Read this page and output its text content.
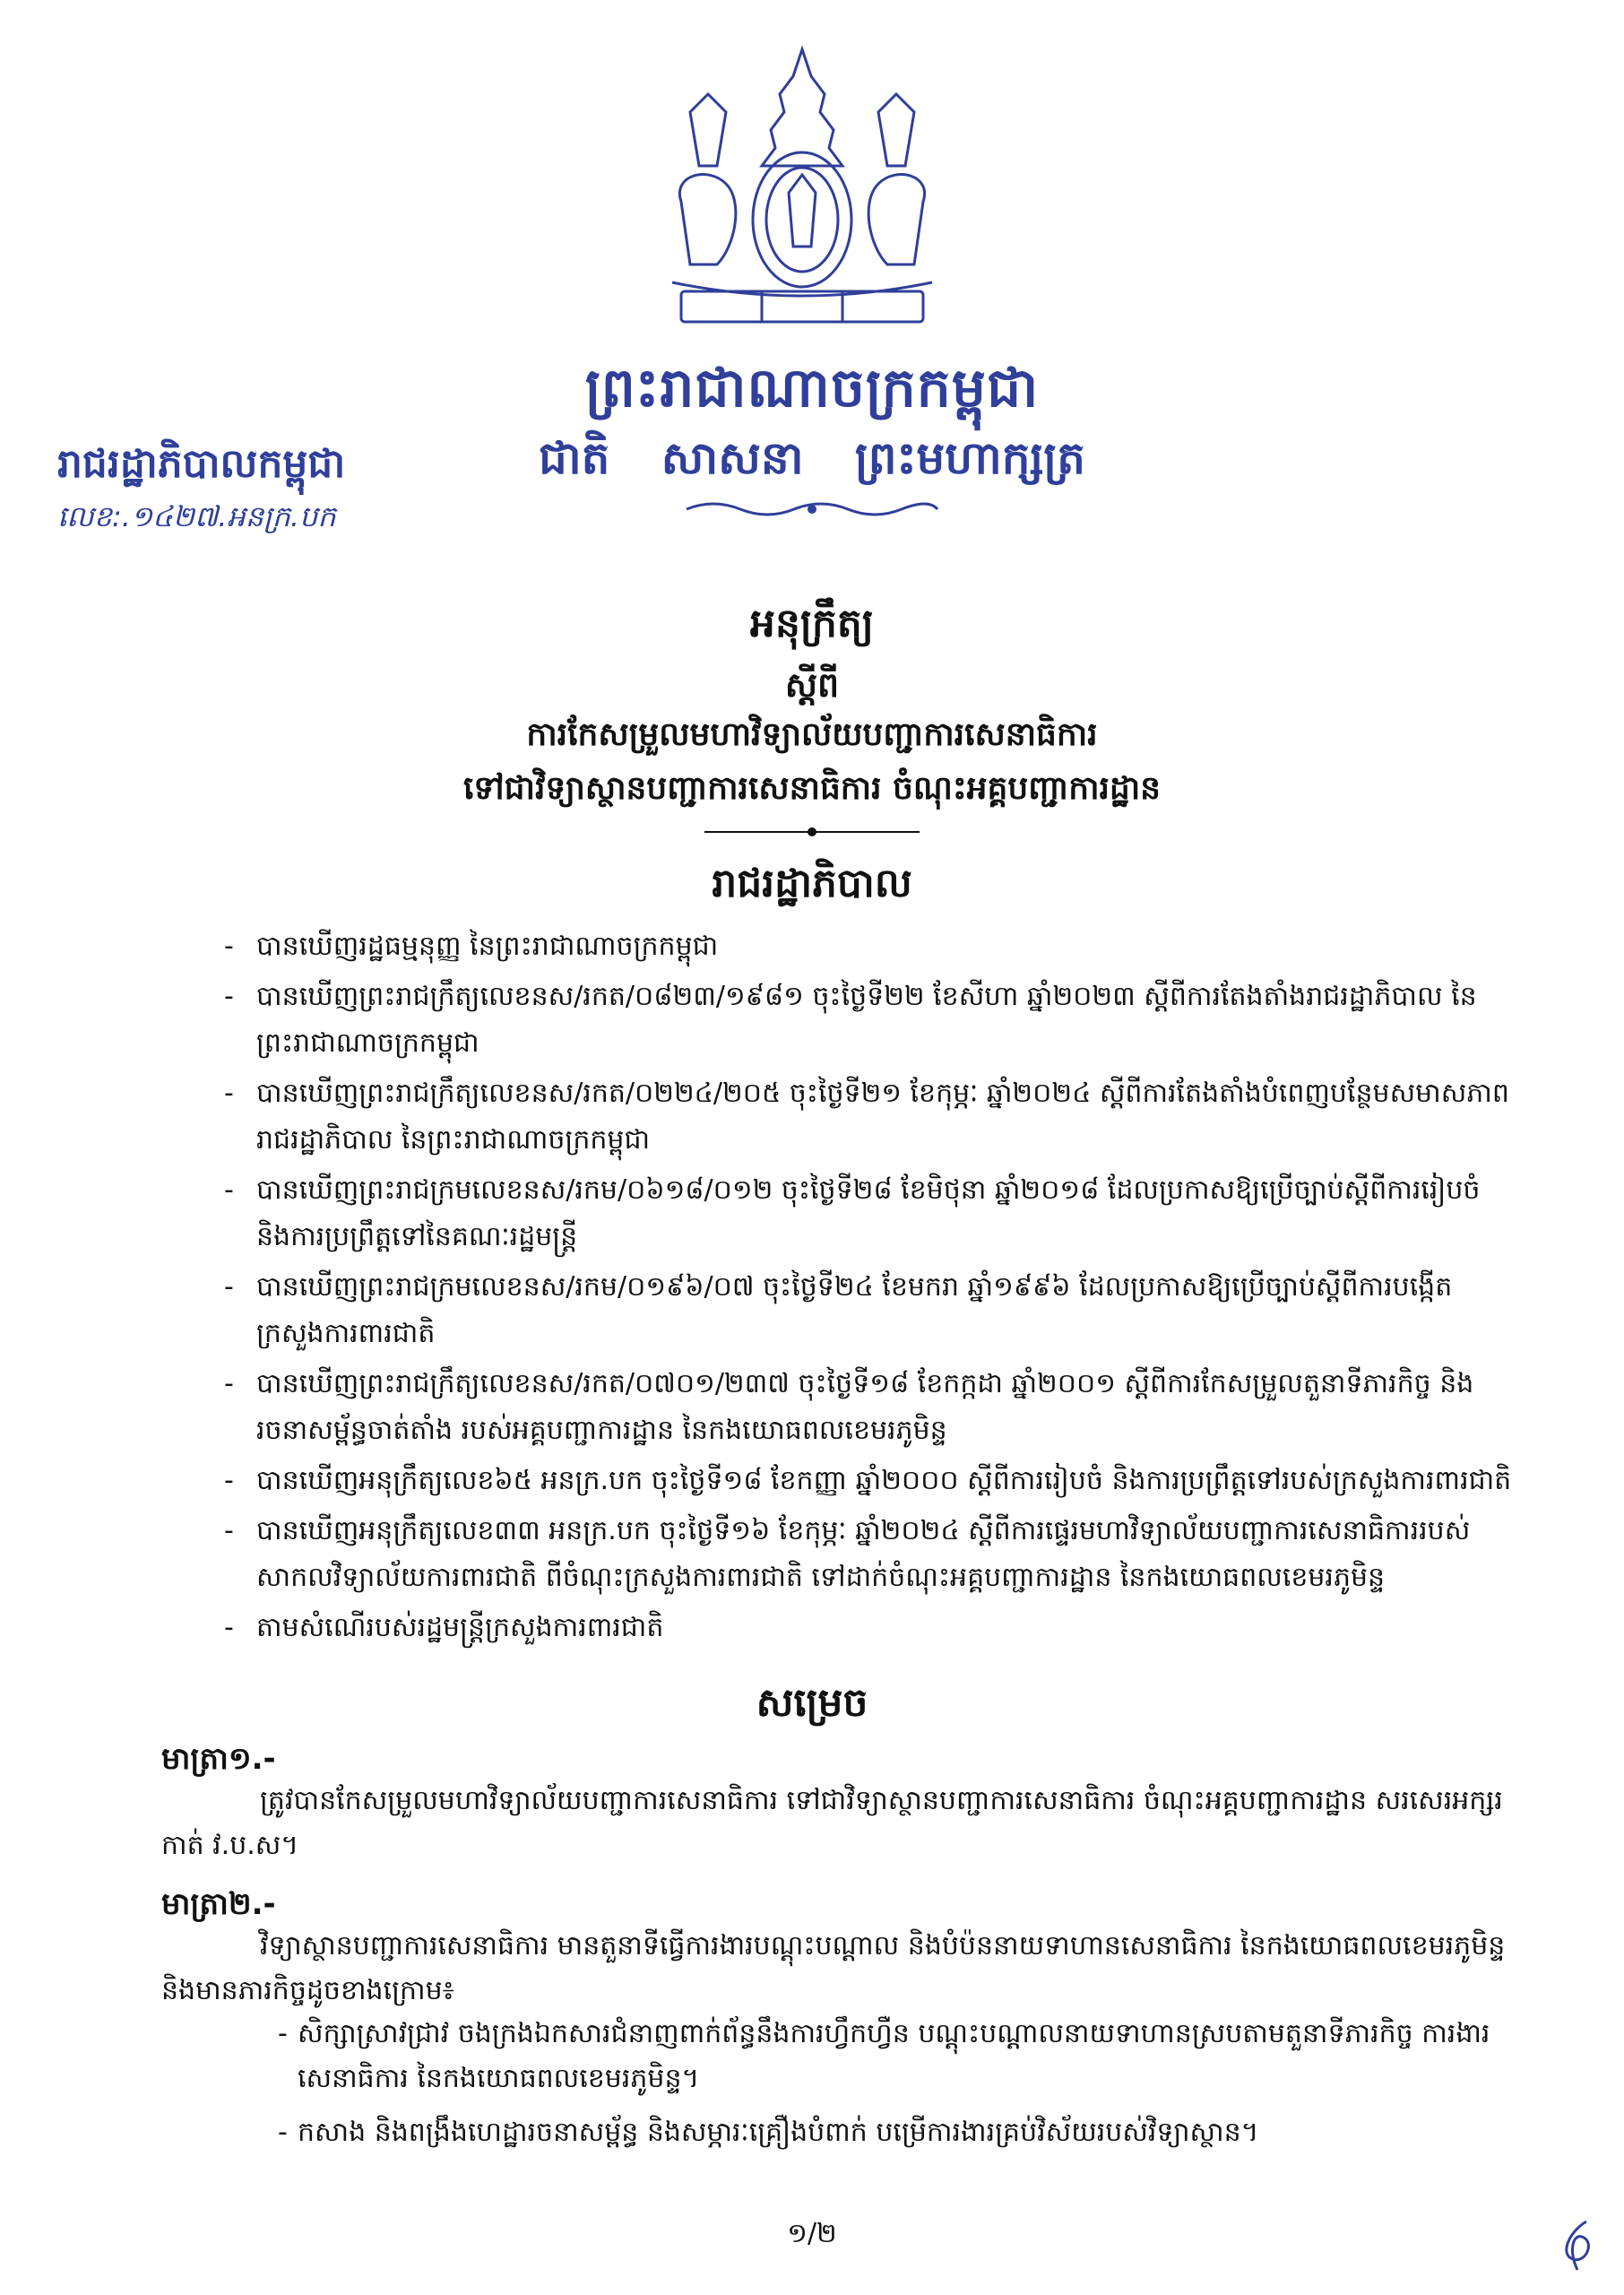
ព្រះរាជាណាចក្រកម្ពុជា
ជាតិ សាសនា ព្រះមហាក្សត្រ
រាជរដ្ឋាភិបាលកម្ពុជា
លេខ:.១៤២៧.អនក្រ.បក
អនុក្រឹត្យ
ស្ដីពី
ការកែសម្រួលមហាវិទ្យាល័យបញ្ជាការសេនាធិការ
ទៅជាវិទ្យាស្ថានបញ្ជាការសេនាធិការ ចំណុះអគ្គបញ្ជាការដ្ឋាន
រាជរដ្ឋាភិបាល
- បានឃើញរដ្ឋធម្មនុញ្ញ នៃព្រះរាជាណាចក្រកម្ពុជា
- បានឃើញព្រះរាជក្រឹត្យលេខនស/រកត/០៨២៣/១៩៨១ ចុះថ្ងៃទី២២ ខែសីហា ឆ្នាំ២០២៣ ស្ដីពីការតែងតាំងរាជរដ្ឋាភិបាល នៃព្រះរាជាណាចក្រកម្ពុជា
- បានឃើញព្រះរាជក្រឹត្យលេខនស/រកត/០២២៤/២០៥ ចុះថ្ងៃទី២១ ខែកុម្ភៈ ឆ្នាំ២០២៤ ស្ដីពីការតែងតាំងបំពេញបន្ថែមសមាសភាពរាជរដ្ឋាភិបាល នៃព្រះរាជាណាចក្រកម្ពុជា
- បានឃើញព្រះរាជក្រមលេខនស/រកម/០៦១៨/០១២ ចុះថ្ងៃទី២៨ ខែមិថុនា ឆ្នាំ២០១៨ ដែលប្រកាសឱ្យប្រើច្បាប់ស្ដីពីការរៀបចំ និងការប្រព្រឹត្តទៅនៃគណៈរដ្ឋមន្ត្រី
- បានឃើញព្រះរាជក្រមលេខនស/រកម/០១៩៦/០៧ ចុះថ្ងៃទី២៤ ខែមករា ឆ្នាំ១៩៩៦ ដែលប្រកាសឱ្យប្រើច្បាប់ស្ដីពីការបង្កើតក្រសួងការពារជាតិ
- បានឃើញព្រះរាជក្រឹត្យលេខនស/រកត/០៧០១/២៣៧ ចុះថ្ងៃទី១៨ ខែកក្កដា ឆ្នាំ២០០១ ស្ដីពីការកែសម្រួលតួនាទីភារកិច្ច និងរចនាសម្ព័ន្ធចាត់តាំង របស់អគ្គបញ្ជាការដ្ឋាន នៃកងយោធពលខេមរភូមិន្ទ
- បានឃើញអនុក្រឹត្យលេខ៦៥ អនក្រ.បក ចុះថ្ងៃទី១៨ ខែកញ្ញា ឆ្នាំ២០០០ ស្ដីពីការរៀបចំ និងការប្រព្រឹត្តទៅរបស់ក្រសួងការពារជាតិ
- បានឃើញអនុក្រឹត្យលេខ៣៣ អនក្រ.បក ចុះថ្ងៃទី១៦ ខែកុម្ភៈ ឆ្នាំ២០២៤ ស្ដីពីការផ្ទេរមហាវិទ្យាល័យបញ្ជាការសេនាធិការរបស់សាកលវិទ្យាល័យការពារជាតិ ពីចំណុះក្រសួងការពារជាតិ ទៅដាក់ចំណុះអគ្គបញ្ជាការដ្ឋាន នៃកងយោធពលខេមរភូមិន្ទ
- តាមសំណើរបស់រដ្ឋមន្ត្រីក្រសួងការពារជាតិ
សម្រេច
មាត្រា១.-
ត្រូវបានកែសម្រួលមហាវិទ្យាល័យបញ្ជាការសេនាធិការ ទៅជាវិទ្យាស្ថានបញ្ជាការសេនាធិការ ចំណុះអគ្គបញ្ជាការដ្ឋាន សរសេរអក្សរកាត់ វ.ប.ស។
មាត្រា២.-
វិទ្យាស្ថានបញ្ជាការសេនាធិការ មានតួនាទីធ្វើការងារបណ្ដុះបណ្ដាល និងបំប៉ននាយទាហានសេនាធិការ នៃកងយោធពលខេមរភូមិន្ទ និងមានភារកិច្ចដូចខាងក្រោម៖
- សិក្សាស្រាវជ្រាវ ចងក្រងឯកសារជំនាញពាក់ព័ន្ធនឹងការហ្វឹកហ្វឺន បណ្ដុះបណ្ដាលនាយទាហានស្របតាមតួនាទីភារកិច្ច ការងារសេនាធិការ នៃកងយោធពលខេមរភូមិន្ទ។
- កសាង និងពង្រឹងហេដ្ឋារចនាសម្ព័ន្ធ និងសម្ភារៈគ្រឿងបំពាក់ បម្រើការងារគ្រប់វិស័យរបស់វិទ្យាស្ថាន។
១/២
